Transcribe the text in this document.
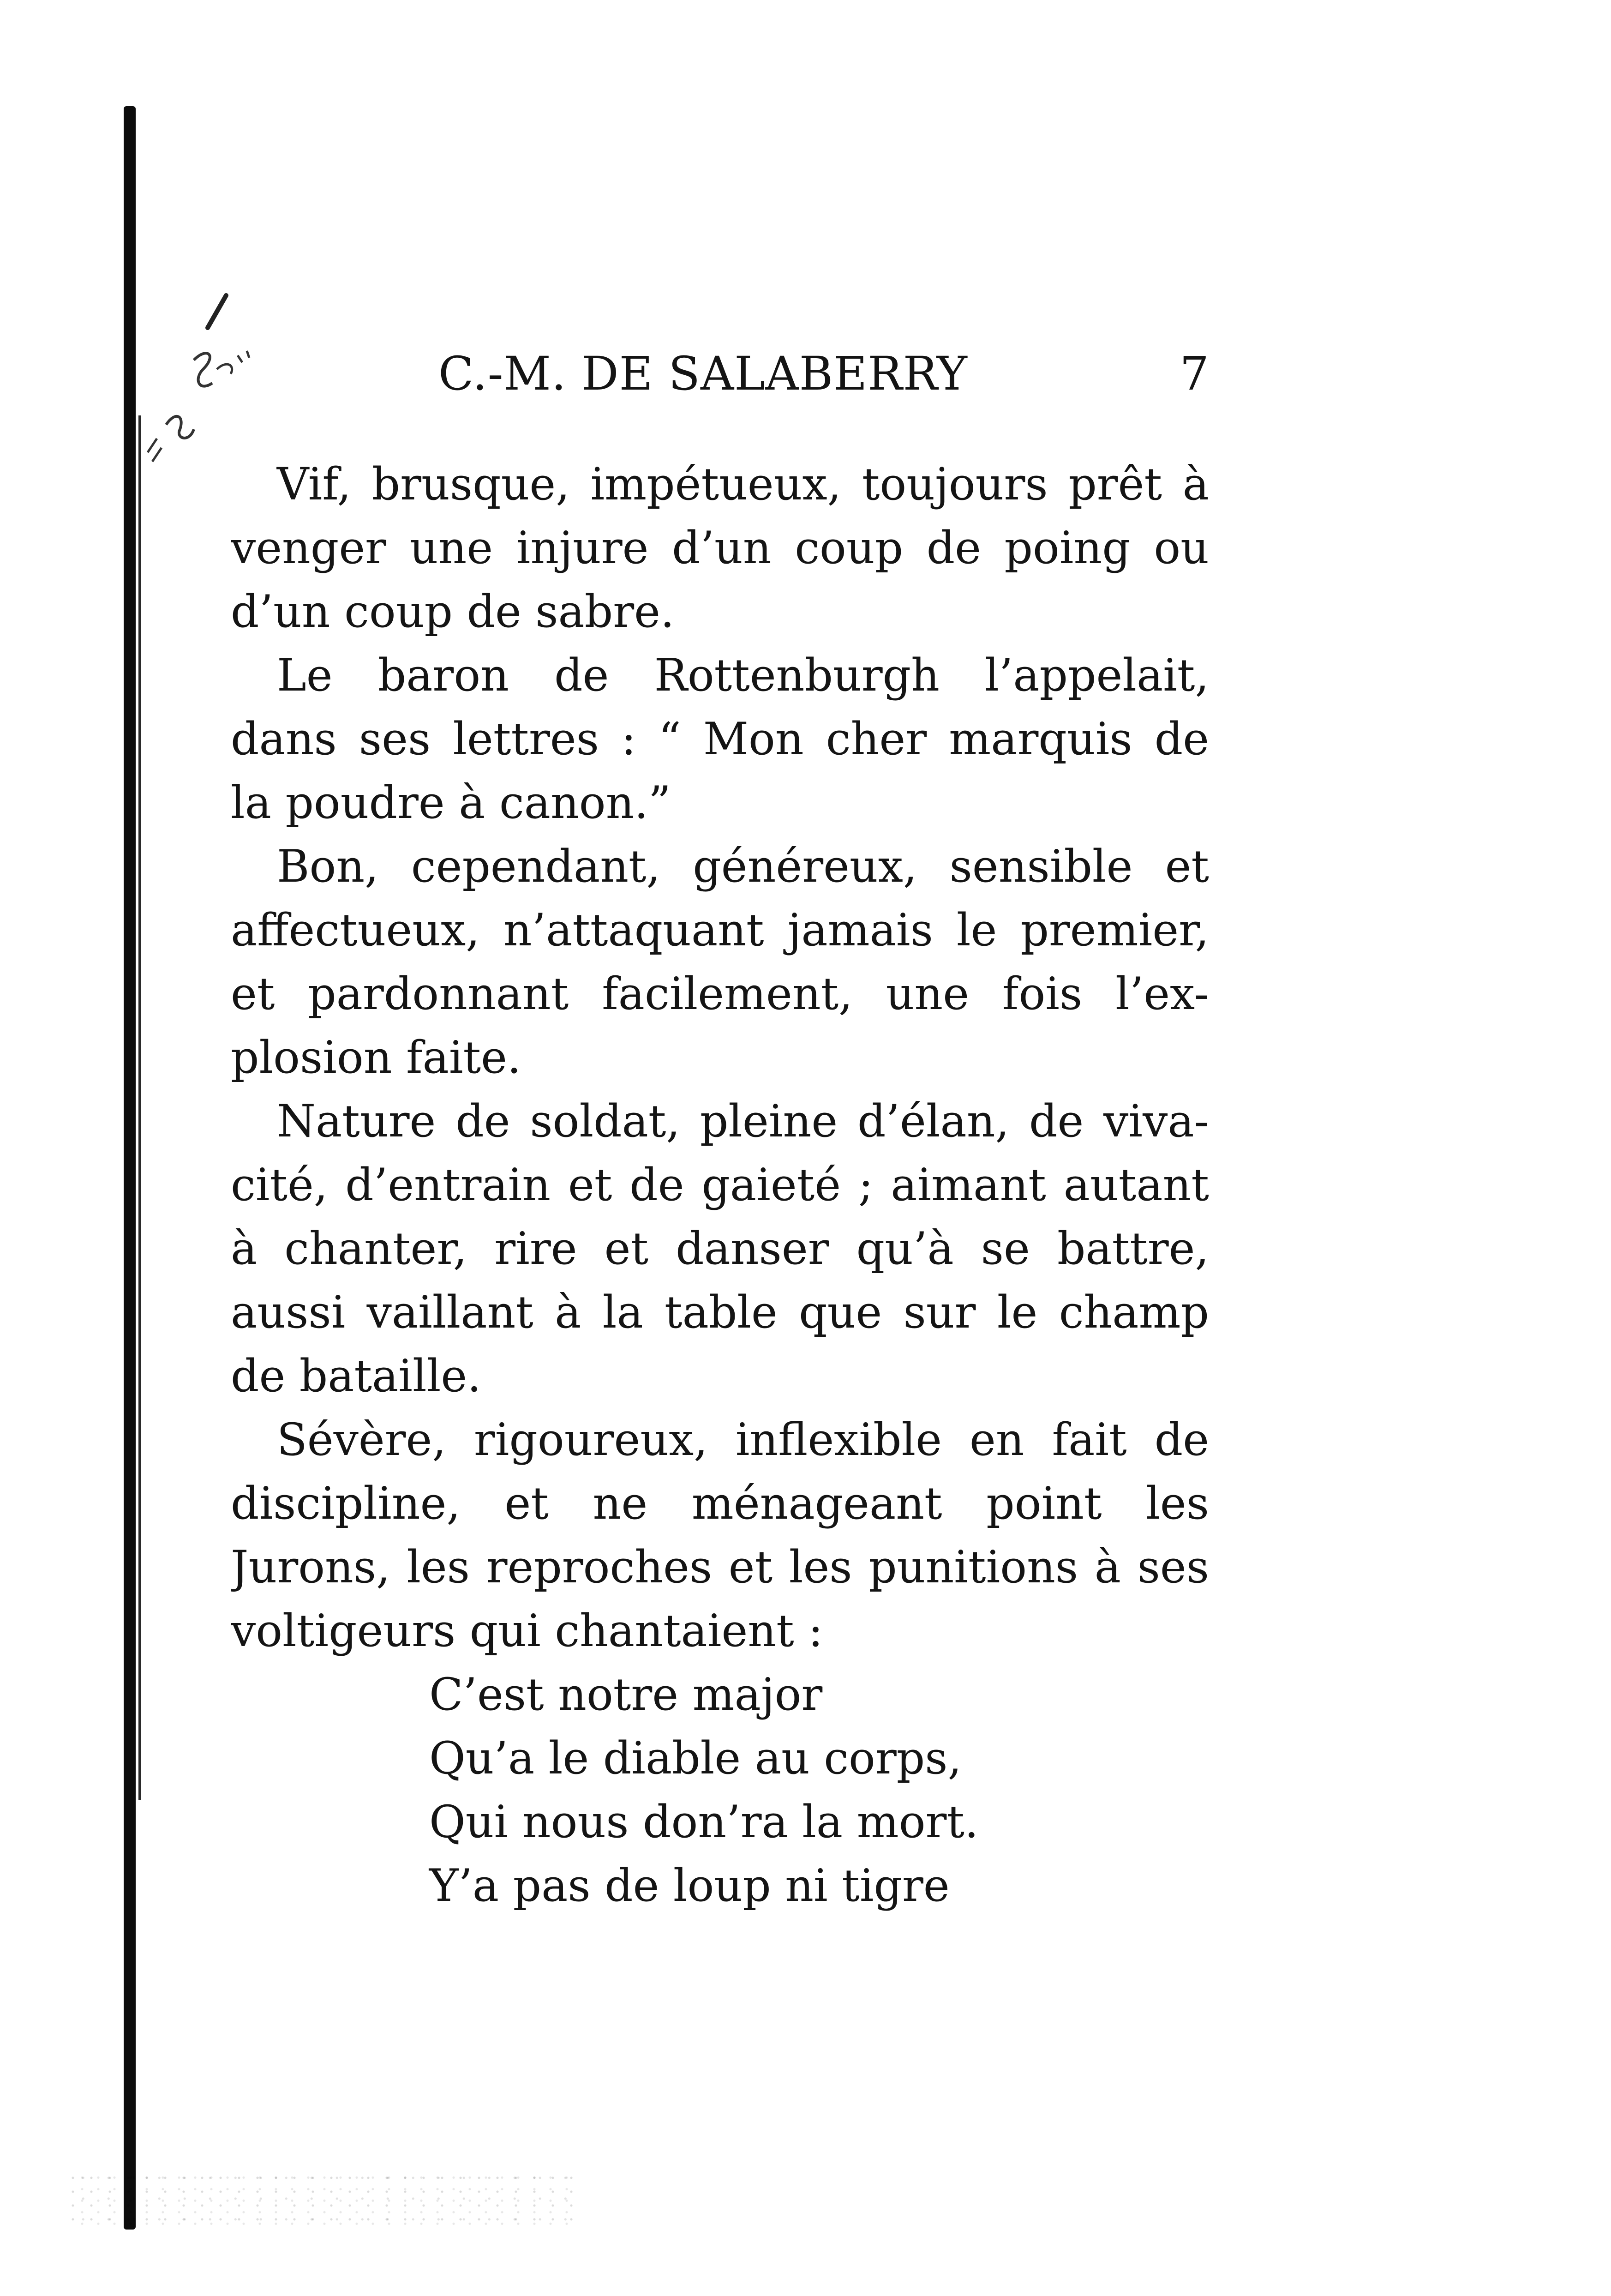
C.-M. DE SALABERRY	7
Vif, brusque, impétueux, toujours prêt à
venger une injure d’un coup de poing ou
d’un coup de sabre.
Le baron de Rottenburgh l’appelait,
dans ses lettres : “ Mon cher marquis de
la poudre à canon.”
Bon, cependant, généreux, sensible et
affectueux, n’attaquant jamais le premier,
et pardonnant facilement, une fois l’ex-
plosion faite.
Nature de soldat, pleine d’élan, de viva-
cité, d’entrain et de gaieté ; aimant autant
à chanter, rire et danser qu’à se battre,
aussi vaillant à la table que sur le champ
de bataille.
Sévère, rigoureux, inflexible en fait de
discipline, et ne ménageant point les
Jurons, les reproches et les punitions à ses
voltigeurs qui chantaient :
C’est notre major
Qu’a le diable au corps,
Qui nous don’ra la mort.
Y’a pas de loup ni tigre
